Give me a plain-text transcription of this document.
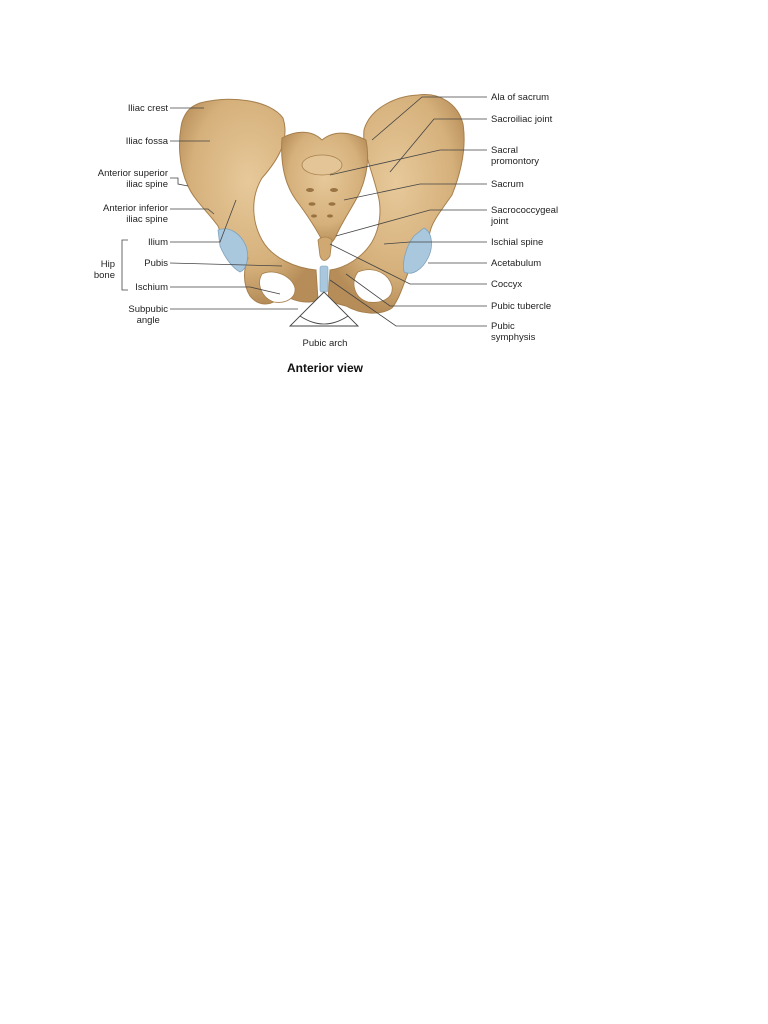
Iliac crest
Iliac fossa
Anterior superior
iliac spine
Anterior inferior
iliac spine
Hip
bone
Ilium
Pubis
Ischium
Subpubic
angle
Pubic arch
Ala of sacrum
Sacroiliac joint
Sacral
promontory
Sacrum
Sacrococcygeal
joint
Ischial spine
Acetabulum
Coccyx
Pubic tubercle
Pubic
symphysis
Anterior view
